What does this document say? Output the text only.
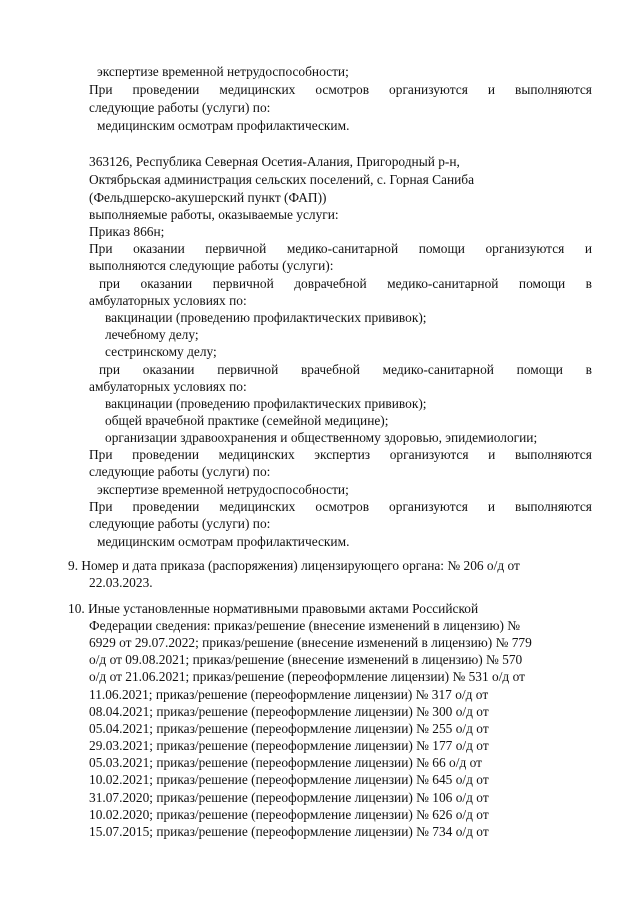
экспертизе временной нетрудоспособности;
При проведении медицинских осмотров организуются и выполняются
следующие работы (услуги) по:
медицинским осмотрам профилактическим.
363126, Республика Северная Осетия-Алания, Пригородный р-н,
Октябрьская администрация сельских поселений, с. Горная Саниба
(Фельдшерско-акушерский пункт (ФАП))
выполняемые работы, оказываемые услуги:
Приказ 866н;
При оказании первичной медико-санитарной помощи организуются и
выполняются следующие работы (услуги):
при оказании первичной доврачебной медико-санитарной помощи в
амбулаторных условиях по:
вакцинации (проведению профилактических прививок);
лечебному делу;
сестринскому делу;
при оказании первичной врачебной медико-санитарной помощи в
амбулаторных условиях по:
вакцинации (проведению профилактических прививок);
общей врачебной практике (семейной медицине);
организации здравоохранения и общественному здоровью, эпидемиологии;
При проведении медицинских экспертиз организуются и выполняются
следующие работы (услуги) по:
экспертизе временной нетрудоспособности;
При проведении медицинских осмотров организуются и выполняются
следующие работы (услуги) по:
медицинским осмотрам профилактическим.
9. Номер и дата приказа (распоряжения) лицензирующего органа: № 206 о/д от
22.03.2023.
10. Иные установленные нормативными правовыми актами Российской
Федерации сведения: приказ/решение (внесение изменений в лицензию) №
6929 от 29.07.2022; приказ/решение (внесение изменений в лицензию) № 779
о/д от 09.08.2021; приказ/решение (внесение изменений в лицензию) № 570
о/д от 21.06.2021; приказ/решение (переоформление лицензии) № 531 о/д от
11.06.2021; приказ/решение (переоформление лицензии) № 317 о/д от
08.04.2021; приказ/решение (переоформление лицензии) № 300 о/д от
05.04.2021; приказ/решение (переоформление лицензии) № 255 о/д от
29.03.2021; приказ/решение (переоформление лицензии) № 177 о/д от
05.03.2021; приказ/решение (переоформление лицензии) № 66 о/д от
10.02.2021; приказ/решение (переоформление лицензии) № 645 о/д от
31.07.2020; приказ/решение (переоформление лицензии) № 106 о/д от
10.02.2020; приказ/решение (переоформление лицензии) № 626 о/д от
15.07.2015; приказ/решение (переоформление лицензии) № 734 о/д от
